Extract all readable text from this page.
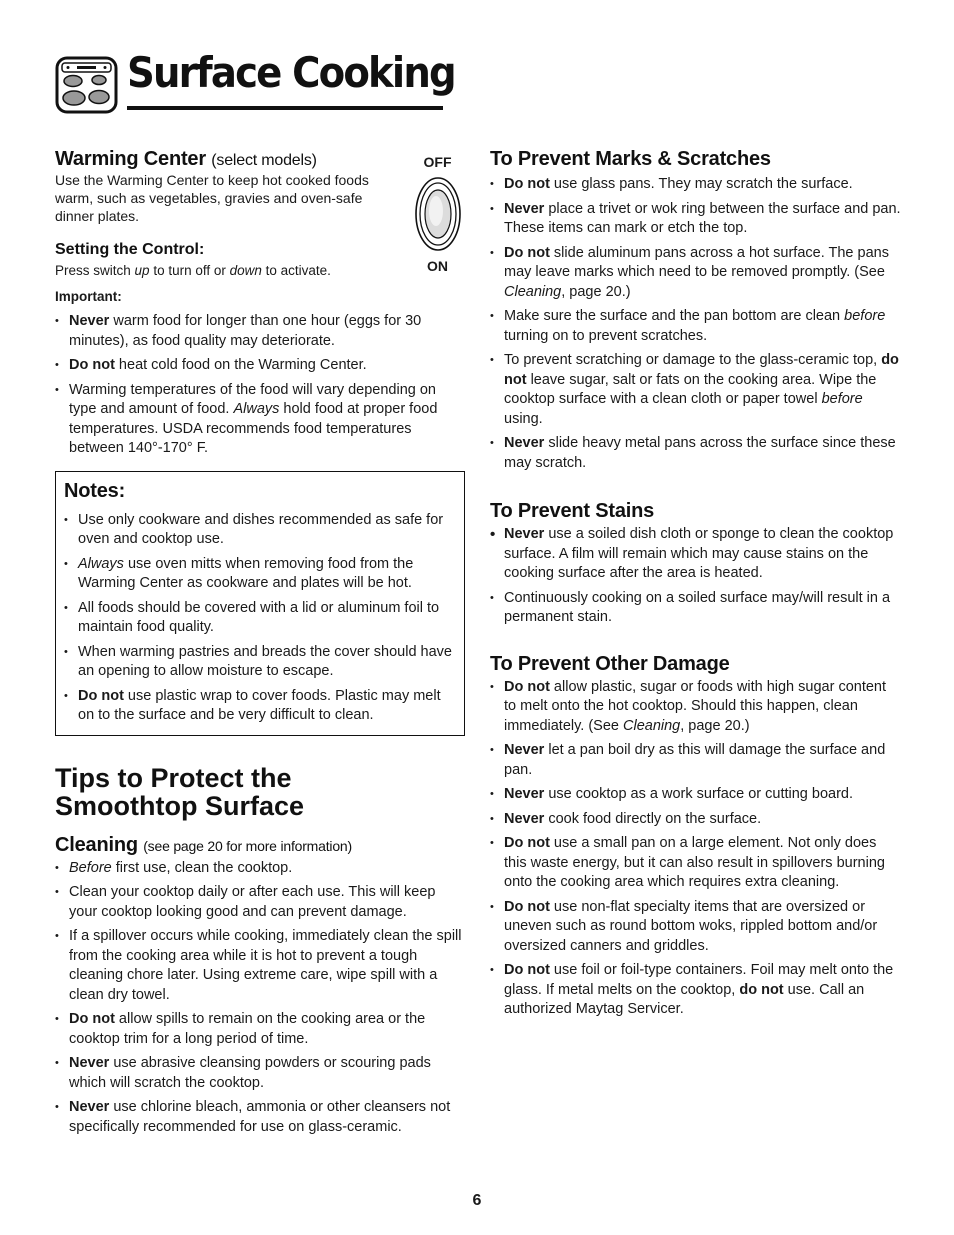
Surface Cooking
Warming Center (select models)

Use the Warming Center to keep hot cooked foods warm, such as vegetables, gravies and oven-safe dinner plates.

OFF
ON
Setting the Control:

Press switch up to turn off or down to activate.

Important:

• Never warm food for longer than one hour (eggs for 30 minutes), as food quality may deteriorate.
• Do not heat cold food on the Warming Center.
• Warming temperatures of the food will vary depending on type and amount of food. Always hold food at proper food temperatures. USDA recommends food temperatures between 140°-170° F.
Notes:
• Use only cookware and dishes recommended as safe for oven and cooktop use.
• Always use oven mitts when removing food from the Warming Center as cookware and plates will be hot.
• All foods should be covered with a lid or aluminum foil to maintain food quality.
• When warming pastries and breads the cover should have an opening to allow moisture to escape.
• Do not use plastic wrap to cover foods. Plastic may melt on to the surface and be very difficult to clean.
Tips to Protect the
Smoothtop Surface
Cleaning (see page 20 for more information)
• Before first use, clean the cooktop.
• Clean your cooktop daily or after each use. This will keep your cooktop looking good and can prevent damage.
• If a spillover occurs while cooking, immediately clean the spill from the cooking area while it is hot to prevent a tough cleaning chore later. Using extreme care, wipe spill with a clean dry towel.
• Do not allow spills to remain on the cooking area or the cooktop trim for a long period of time.
• Never use abrasive cleansing powders or scouring pads which will scratch the cooktop.
• Never use chlorine bleach, ammonia or other cleansers not specifically recommended for use on glass-ceramic.
To Prevent Marks & Scratches
• Do not use glass pans. They may scratch the surface.
• Never place a trivet or wok ring between the surface and pan. These items can mark or etch the top.
• Do not slide aluminum pans across a hot surface. The pans may leave marks which need to be removed promptly. (See Cleaning, page 20.)
• Make sure the surface and the pan bottom are clean before turning on to prevent scratches.
• To prevent scratching or damage to the glass-ceramic top, do not leave sugar, salt or fats on the cooking area. Wipe the cooktop surface with a clean cloth or paper towel before using.
• Never slide heavy metal pans across the surface since these may scratch.
To Prevent Stains
• Never use a soiled dish cloth or sponge to clean the cooktop surface. A film will remain which may cause stains on the cooking surface after the area is heated.
• Continuously cooking on a soiled surface may/will result in a permanent stain.
To Prevent Other Damage
• Do not allow plastic, sugar or foods with high sugar content to melt onto the hot cooktop. Should this happen, clean immediately. (See Cleaning, page 20.)
• Never let a pan boil dry as this will damage the surface and pan.
• Never use cooktop as a work surface or cutting board.
• Never cook food directly on the surface.
• Do not use a small pan on a large element. Not only does this waste energy, but it can also result in spillovers burning onto the cooking area which requires extra cleaning.
• Do not use non-flat specialty items that are oversized or uneven such as round bottom woks, rippled bottom and/or oversized canners and griddles.
• Do not use foil or foil-type containers. Foil may melt onto the glass. If metal melts on the cooktop, do not use. Call an authorized Maytag Servicer.
6
